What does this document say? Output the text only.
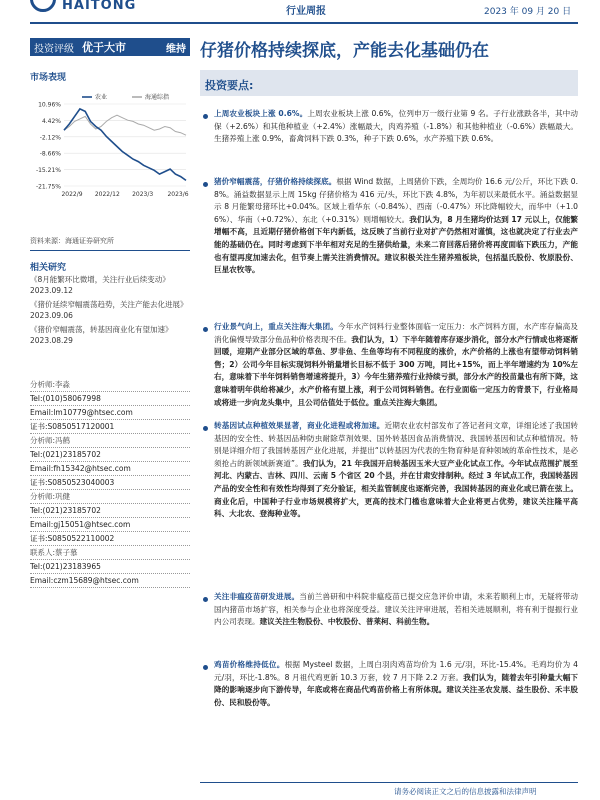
HAITONG	行业周报	2023 年 09 月 20 日
投资评级 优于大市	维持 仔猪价格持续探底，产能去化基础仍在
市场表现
10.96%
4.42%
-2.12%
-8.66%
-15.21%
-21.75%
2022/9 2022/12 2023/3 2023/6
农业	海通综指
资料来源：海通证券研究所
相关研究
《8月能繁环比微增，关注行业后续变动》2023.09.12
《猪价延续窄幅震荡趋势，关注产能去化进展》2023.09.06
《猪价窄幅震荡，转基因商业化有望加速》2023.08.29
分析师:李淼
Tel:(010)58067998
Email:lm10779@htsec.com
证书:S0850517120001
分析师:冯鹤
Tel:(021)23185702
Email:fh15342@htsec.com
证书:S0850523040003
分析师:巩健
Tel:(021)23185702
Email:gj15051@htsec.com
证书:S0850522110002
联系人:蔡子慕
Tel:(021)23183965
Email:czm15689@htsec.com
投资要点:
上周农业板块上涨 0.6%。上周农业板块上涨 0.6%，位列申万一级行业第 9 名。子行业涨跌各半，其中动保（+2.6%）和其他种植业（+2.4%）涨幅最大，肉鸡养殖（-1.8%）和其他种植业（-0.6%）跌幅最大。生猪养殖上涨 0.9%，畜禽饲料下跌 0.3%，种子下跌 0.6%，水产养殖下跌 0.6%。
猪价窄幅震荡，仔猪价格持续探底。根据 Wind 数据，上周猪价下跌，全周均价 16.6 元/公斤，环比下跌 0.8%。涌益数据显示上周 15kg 仔猪价格为 416 元/头，环比下跌 4.8%，为年初以来最低水平。涌益数据显示 8 月能繁母猪环比+0.04%。区域上看华东（-0.84%）、西南（-0.47%）环比降幅较大，而华中（+1.06%）、华南（+0.72%）、东北（+0.31%）则增幅较大。我们认为，8 月生猪均价达到 17 元以上，仅能繁增幅不高，且近期仔猪价格创下年内新低，这反映了当前行业对扩产仍然相对谨慎，这也就决定了行业去产能的基础仍在。同时考虑到下半年相对充足的生猪供给量，未来二育回落后猪价将再度面临下跌压力，产能也有望再度加速去化，但节奏上需关注消费情况。建议积极关注生猪养殖板块，包括温氏股份、牧原股份、巨星农牧等。
行业景气向上，重点关注海大集团。今年水产饲料行业整体面临一定压力：水产饲料方面，水产库存偏高及消化偏慢导致部分鱼品种价格表现不佳。我们认为，1）下半年随着库存逐步消化，部分水产行情或也将逐渐回暖，迎期产业部分区域的草鱼、罗非鱼、生鱼等均有不同程度的涨价，水产价格的上涨也有望带动饲料销售；2）公司今年目标实现饲料外销量增长目标不低于 300 万吨，同比+15%，而上半年增速约为 10%左右，意味着下半年饲料销售增速将提升，3）今年生猪养殖行业持续亏损，部分水产的投苗量也有所下降，这意味着明年供给将减少，水产价格有望上涨，利于公司饲料销售。在行业面临一定压力的背景下，行业格局或将进一步向龙头集中，且公司估值处于低位。重点关注海大集团。
转基因试点种植效果显著，商业化进程或将加速。近期农业农村部发布了答记者问文章，详细论述了我国转基因的安全性、转基因品种防虫耐除草剂效果、国外转基因食品消费情况、我国转基因和试点种植情况。特别是详细介绍了我国转基因产业化进展，并提出“以转基因为代表的生物育种是育种领域的革命性技术，是必须抢占的新领域新赛道”。我们认为，21 年我国开启转基因玉米大豆产业化试点工作。今年试点范围扩展至河北、内蒙古、吉林、四川、云南 5 个省区 20 个县，并在甘肃安排制种。经过 3 年试点工作，我国转基因产品的安全性和有效性均得到了充分验证，相关监管制度也逐渐完善，我国转基因的商业化或已箭在弦上。商业化后，中国种子行业市场规模将扩大，更高的技术门槛也意味着大企业将更占优势，建议关注隆平高科、大北农、登海种业等。
关注非瘟疫苗研发进展。当前兰兽研和中科院非瘟疫苗已提交应急评价申请，未来若顺利上市，无疑将带动国内猪苗市场扩容，相关参与企业也将深度受益。建议关注评审进展，若相关进展顺利，将有利于提振行业内公司表现。建议关注生物股份、中牧股份、普莱柯、科前生物。
鸡苗价格维持低位。根据 Mysteel 数据，上周白羽肉鸡苗均价为 1.6 元/羽，环比-15.4%。毛鸡均价为 4 元/羽，环比-1.8%。8 月祖代鸡更新 10.3 万套，较 7 月下降 2.2 万套。我们认为，随着去年引种量大幅下降的影响逐步向下游传导，年底或将在商品代鸡苗价格上有所体现。建议关注圣农发展、益生股份、禾丰股份、民和股份等。
请务必阅读正文之后的信息披露和法律声明
